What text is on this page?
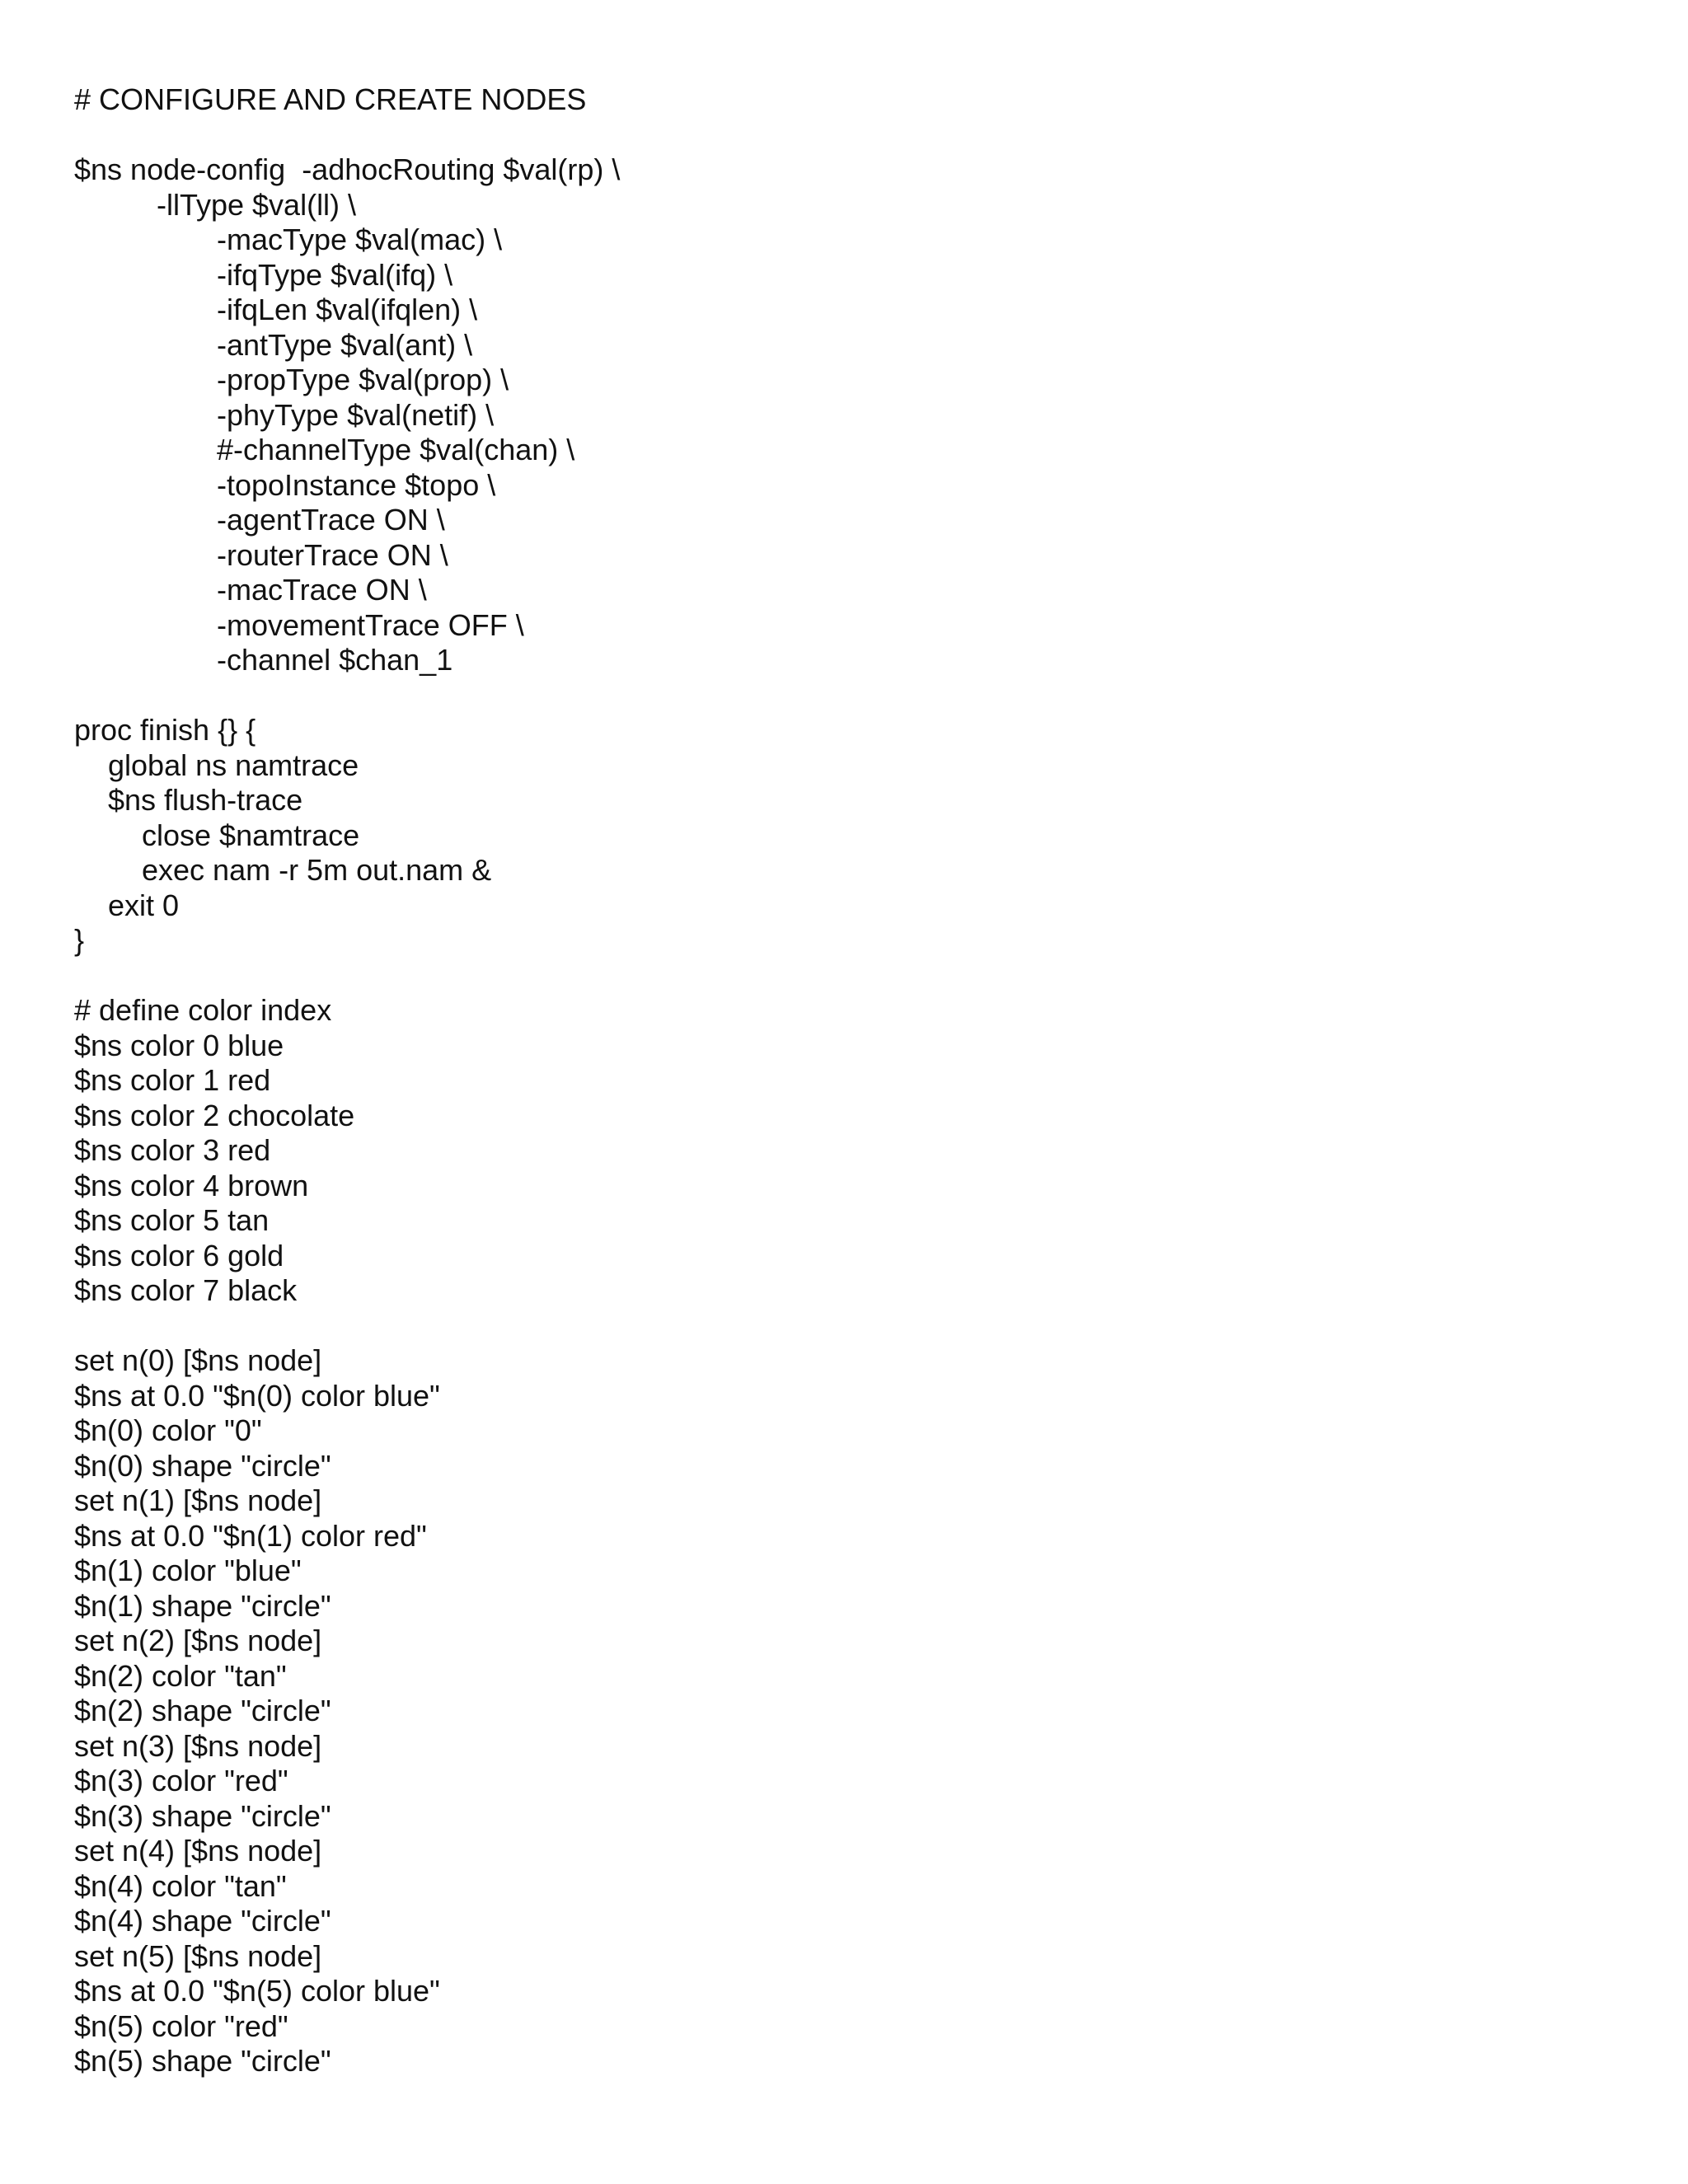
# CONFIGURE AND CREATE NODES
$ns node-config  -adhocRouting $val(rp) \
-llType $val(ll) \
-macType $val(mac) \
-ifqType $val(ifq) \
-ifqLen $val(ifqlen) \
-antType $val(ant) \
-propType $val(prop) \
-phyType $val(netif) \
#-channelType $val(chan) \
-topoInstance $topo \
-agentTrace ON \
-routerTrace ON \
-macTrace ON \
-movementTrace OFF \
-channel $chan_1
proc finish {} {
global ns namtrace
$ns flush-trace
close $namtrace
exec nam -r 5m out.nam &
exit 0
}
# define color index
$ns color 0 blue
$ns color 1 red
$ns color 2 chocolate
$ns color 3 red
$ns color 4 brown
$ns color 5 tan
$ns color 6 gold
$ns color 7 black
set n(0) [$ns node]
$ns at 0.0 "$n(0) color blue"
$n(0) color "0"
$n(0) shape "circle"
set n(1) [$ns node]
$ns at 0.0 "$n(1) color red"
$n(1) color "blue"
$n(1) shape "circle"
set n(2) [$ns node]
$n(2) color "tan"
$n(2) shape "circle"
set n(3) [$ns node]
$n(3) color "red"
$n(3) shape "circle"
set n(4) [$ns node]
$n(4) color "tan"
$n(4) shape "circle"
set n(5) [$ns node]
$ns at 0.0 "$n(5) color blue"
$n(5) color "red"
$n(5) shape "circle"
